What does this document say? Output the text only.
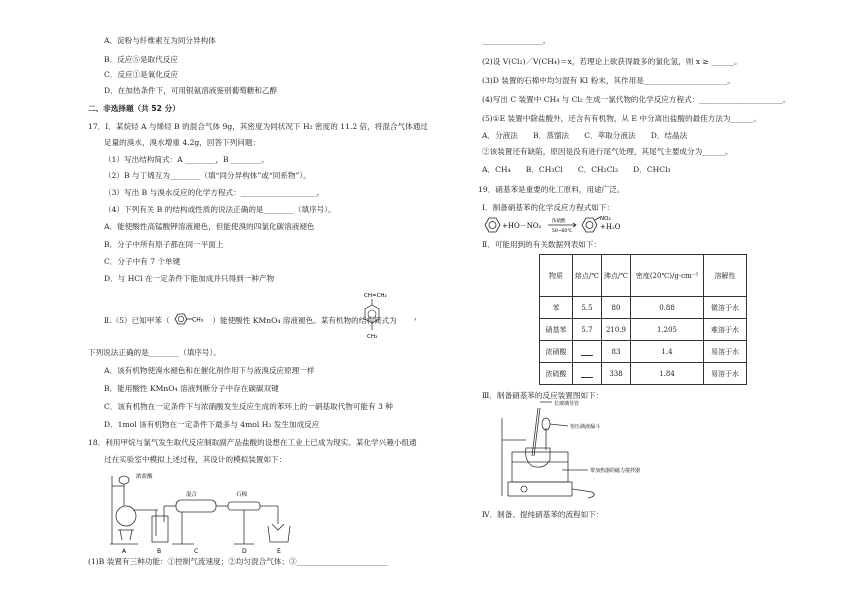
A．淀粉与纤维素互为同分异构体
B．反应⑤是取代反应
C．反应①是氧化反应
D．在加热条件下，可用银氨溶液鉴别葡萄糖和乙醇
二、非选择题（共 52 分）
17．Ⅰ．某烷烃 A 与烯烃 B 的混合气体 9g，其密度为同状况下 H₂ 密度的 11.2 倍，将混合气体通过
足量的溴水，溴水增重 4.2g，回答下列问题：
（1）写出结构简式：A ________，B ________。
（2）B 与丁烯互为________（填“同分异构体”或“同系物”）。
（3）写出 B 与溴水反应的化学方程式：____________________。
（4）下列有关 B 的结构或性质的说法正确的是________（填序号）。
A．能使酸性高锰酸钾溶液褪色，但能使溴的四氯化碳溶液褪色
B．分子中所有原子都在同一平面上
C．分子中有 7 个单键
D．与 HCl 在一定条件下能加成并只得到一种产物
Ⅱ.（5）已知甲苯（	CH₃ ）能使酸性 KMnO₄ 溶液褪色。某有机物的结构简式为
CH=CH₂
CH₃
，
下列说法正确的是________（填序号）。
A．该有机物使溴水褪色和在催化剂作用下与液溴反应原理一样
B．能用酸性 KMnO₄ 溶液判断分子中存在碳碳双键
C．该有机物在一定条件下与浓硝酸发生反应生成的苯环上的一硝基取代物可能有 3 种
D．1mol 该有机物在一定条件下最多与 4mol H₂ 发生加成反应
18．利用甲烷与氯气发生取代反应制取副产品盐酸的设想在工业上已成为现实。某化学兴趣小组通
过在实验室中模拟上述过程，其设计的模拟装置如下：
浓盐酸
混合	石棉
A	B	C	D	E
(1)B 装置有三种功能：①控制气流速度；②均匀混合气体；③________________________
________________。
(2)设 V(Cl₂)／V(CH₄)＝x，若理论上欲获得最多的氯化氢，则 x ≥ ______。
(3)D 装置的石棉中均匀混有 KI 粉末，其作用是______________________。
(4)写出 C 装置中 CH₄ 与 Cl₂ 生成一氯代物的化学反应方程式：______________________。
(5)①E 装置中除盐酸外，还含有有机物，从 E 中分离出盐酸的最佳方法为______。
A．分液法　　B．蒸馏法　　C．萃取分液法　　D．结晶法
②该装置还有缺陷，原因是没有进行尾气处理，其尾气主要成分为______。
A．CH₄　　B．CH₃Cl　　C．CH₂Cl₂　　D．CHCl₃
19．硝基苯是重要的化工原料，用途广泛。
Ⅰ．制备硝基苯的化学反应方程式如下：
+HO－NO₂
浓硫酸
50~60℃
NO₂
+H₂O
Ⅱ．可能用到的有关数据列表如下：
物质	熔点/℃	沸点/℃	密度(20℃)/g·cm⁻³	溶解性
苯	5.5	80	0.88	微溶于水
硝基苯	5.7	210.9	1.205	难溶于水
浓硝酸		83	1.4	易溶于水
浓硫酸		338	1.84	易溶于水
Ⅲ．制备硝基苯的反应装置图如下：
长玻璃导管
恒压滴液漏斗
带加热器的磁力搅拌器
Ⅳ．制备、提纯硝基苯的流程如下：
